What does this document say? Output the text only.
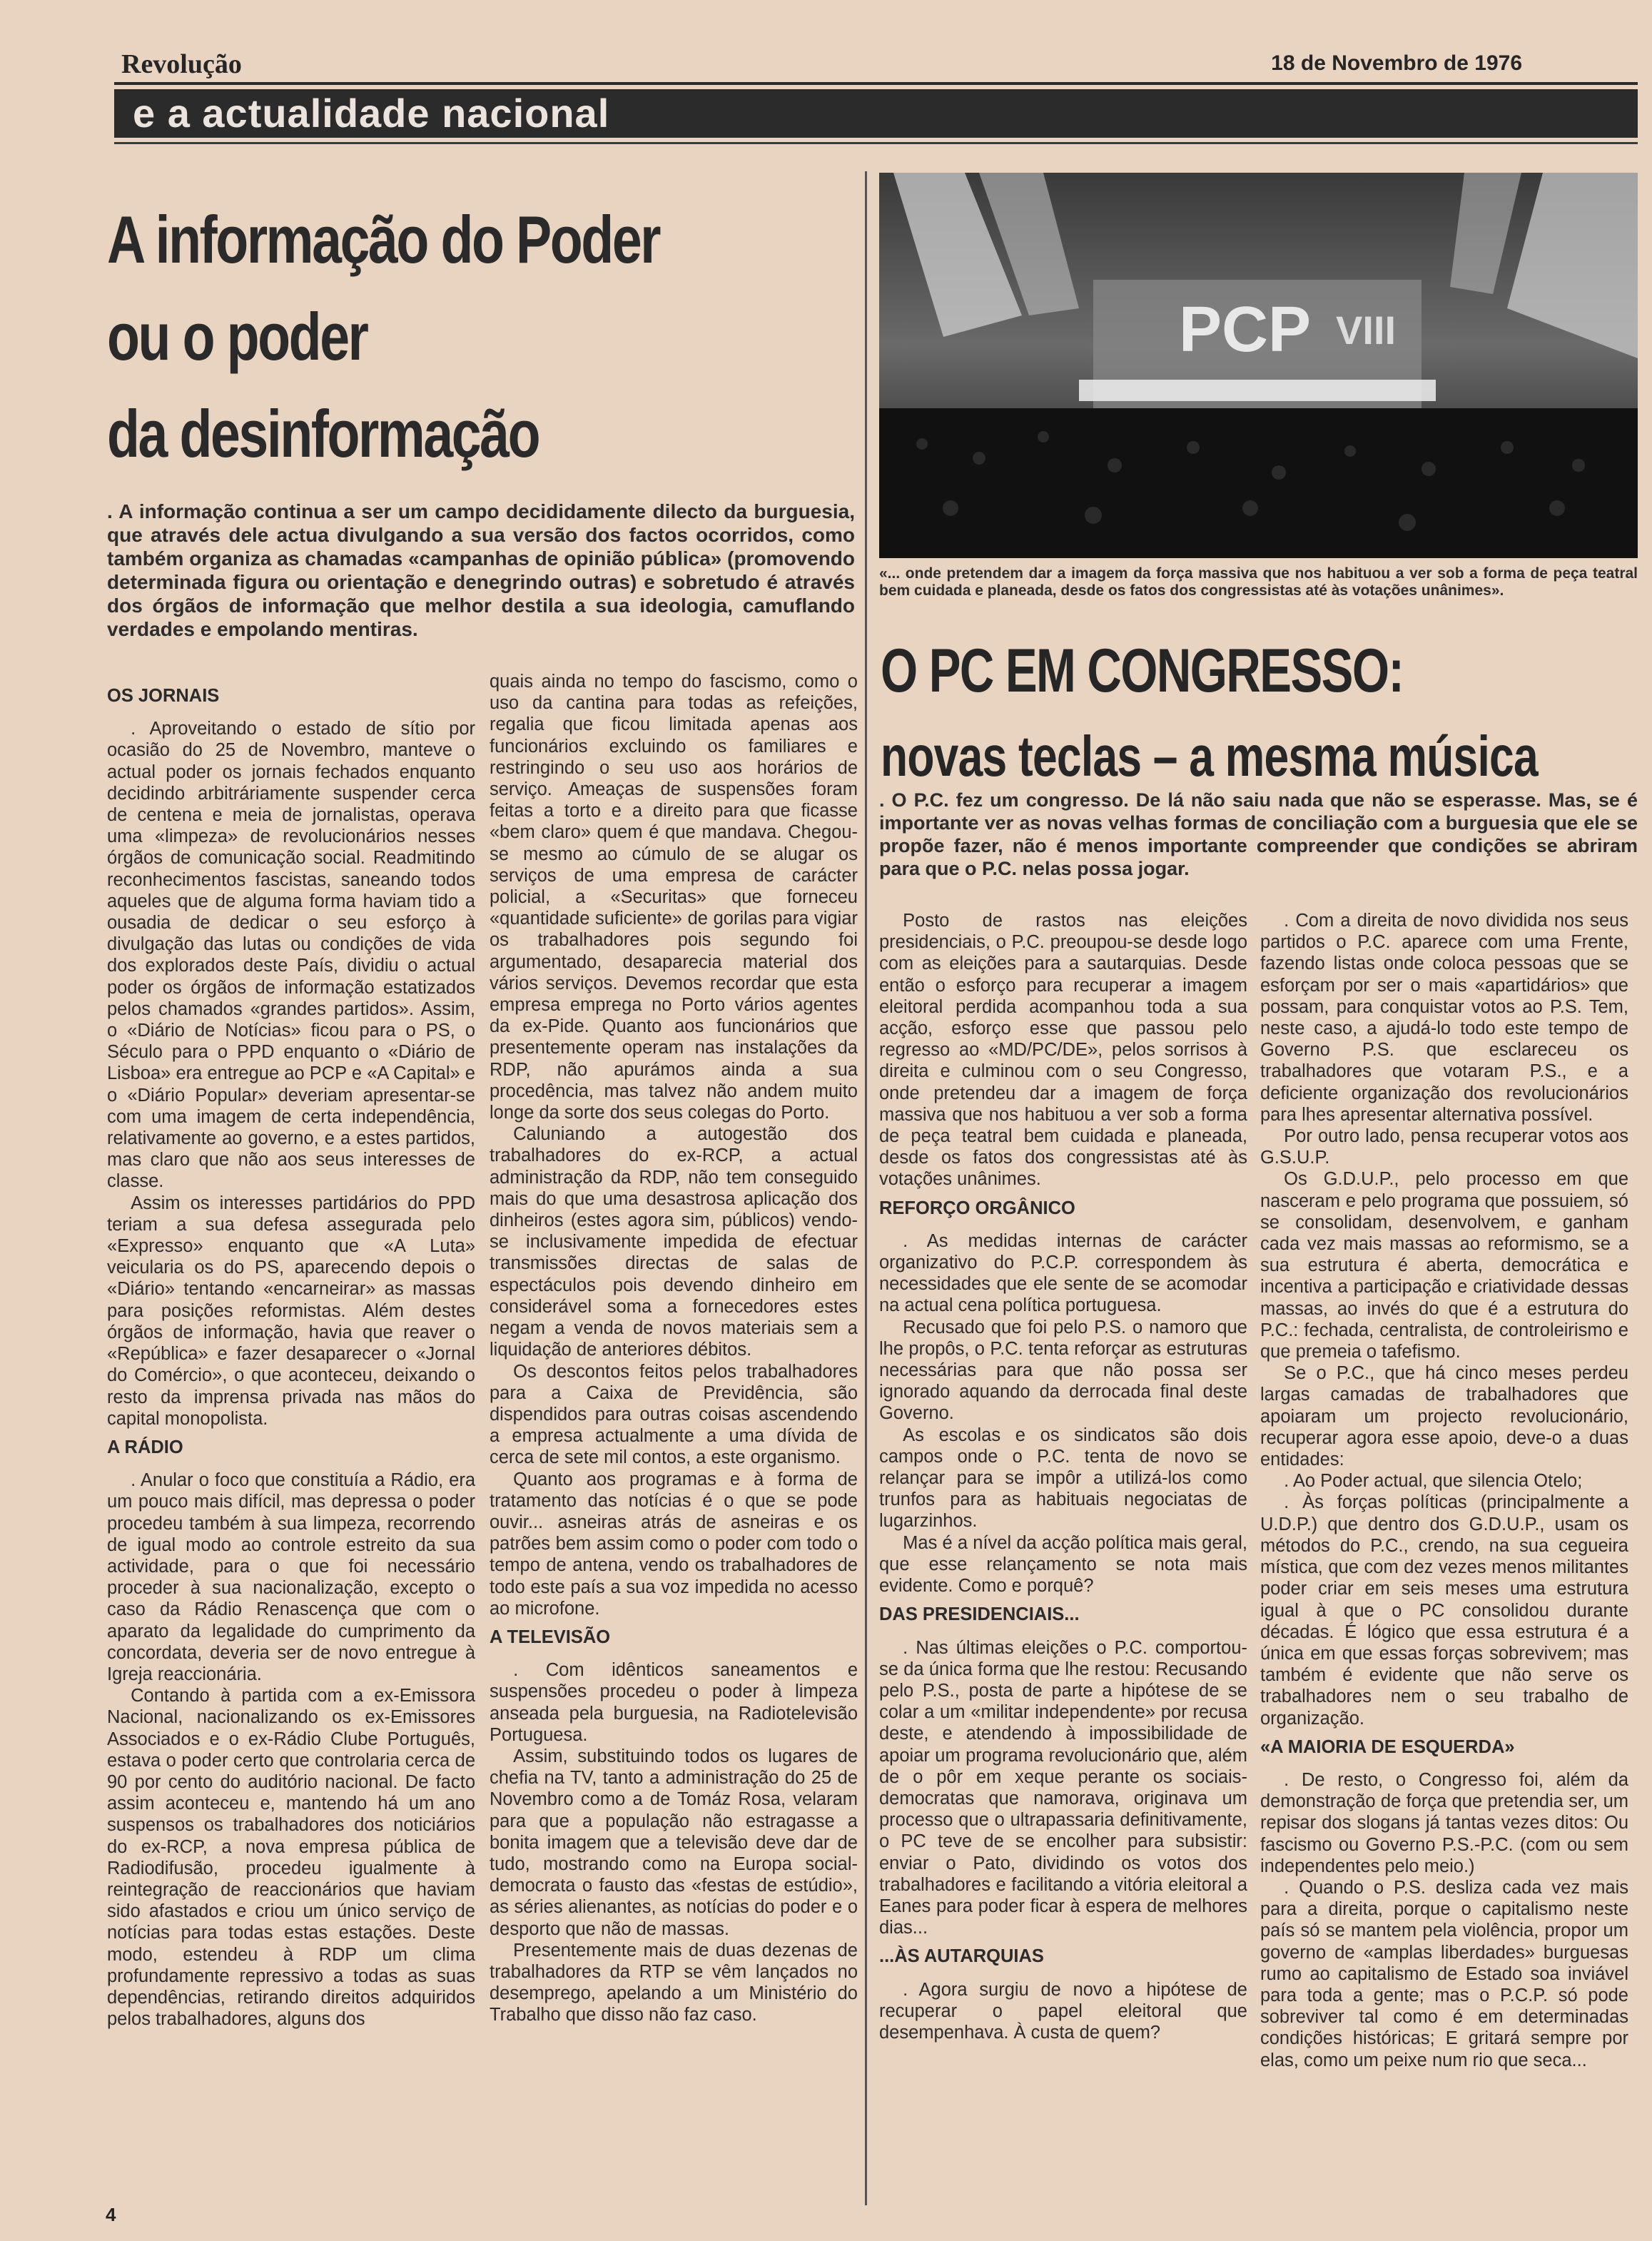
Revolução	18 de Novembro de 1976
e a actualidade nacional
A informação do Poder
ou o poder
da desinformação
. A informação continua a ser um campo decididamente dilecto da burguesia, que através dele actua divulgando a sua versão dos factos ocorridos, como também organiza as chamadas «campanhas de opinião pública» (promovendo determinada figura ou orientação e denegrindo outras) e sobretudo é através dos órgãos de informação que melhor destila a sua ideologia, camuflando verdades e empolando mentiras.

OS JORNAIS

. Aproveitando o estado de sítio por ocasião do 25 de Novembro, manteve o actual poder os jornais fechados enquanto decidindo arbitráriamente suspender cerca de centena e meia de jornalistas, operava uma «limpeza» de revolucionários nesses órgãos de comunicação social. Readmitindo reconhecimentos fascistas, saneando todos aqueles que de alguma forma haviam tido a ousadia de dedicar o seu esforço à divulgação das lutas ou condições de vida dos explorados deste País, dividiu o actual poder os órgãos de informação estatizados pelos chamados «grandes partidos». Assim, o «Diário de Notícias» ficou para o PS, o Século para o PPD enquanto o «Diário de Lisboa» era entregue ao PCP e «A Capital» e o «Diário Popular» deveriam apresentar-se com uma imagem de certa independência, relativamente ao governo, e a estes partidos, mas claro que não aos seus interesses de classe.

Assim os interesses partidários do PPD teriam a sua defesa assegurada pelo «Expresso» enquanto que «A Luta» veicularia os do PS, aparecendo depois o «Diário» tentando «encarneirar» as massas para posições reformistas. Além destes órgãos de informação, havia que reaver o «República» e fazer desaparecer o «Jornal do Comércio», o que aconteceu, deixando o resto da imprensa privada nas mãos do capital monopolista.

A RÁDIO

. Anular o foco que constituía a Rádio, era um pouco mais difícil, mas depressa o poder procedeu também à sua limpeza, recorrendo de igual modo ao controle estreito da sua actividade, para o que foi necessário proceder à sua nacionalização, excepto o caso da Rádio Renascença que com o aparato da legalidade do cumprimento da concordata, deveria ser de novo entregue à Igreja reaccionária.

Contando à partida com a ex-Emissora Nacional, nacionalizando os ex-Emissores Associados e o ex-Rádio Clube Português, estava o poder certo que controlaria cerca de 90 por cento do auditório nacional. De facto assim aconteceu e, mantendo há um ano suspensos os trabalhadores dos noticiários do ex-RCP, a nova empresa pública de Radiodifusão, procedeu igualmente à reintegração de reaccionários que haviam sido afastados e criou um único serviço de notícias para todas estas estações. Deste modo, estendeu à RDP um clima profundamente repressivo a todas as suas dependências, retirando direitos adquiridos pelos trabalhadores, alguns dos

quais ainda no tempo do fascismo, como o uso da cantina para todas as refeições, regalia que ficou limitada apenas aos funcionários excluindo os familiares e restringindo o seu uso aos horários de serviço. Ameaças de suspensões foram feitas a torto e a direito para que ficasse «bem claro» quem é que mandava. Chegou-se mesmo ao cúmulo de se alugar os serviços de uma empresa de carácter policial, a «Securitas» que forneceu «quantidade suficiente» de gorilas para vigiar os trabalhadores pois segundo foi argumentado, desaparecia material dos vários serviços. Devemos recordar que esta empresa emprega no Porto vários agentes da ex-Pide. Quanto aos funcionários que presentemente operam nas instalações da RDP, não apurámos ainda a sua procedência, mas talvez não andem muito longe da sorte dos seus colegas do Porto.

Caluniando a autogestão dos trabalhadores do ex-RCP, a actual administração da RDP, não tem conseguido mais do que uma desastrosa aplicação dos dinheiros (estes agora sim, públicos) vendo-se inclusivamente impedida de efectuar transmissões directas de salas de espectáculos pois devendo dinheiro em considerável soma a fornecedores estes negam a venda de novos materiais sem a liquidação de anteriores débitos.

Os descontos feitos pelos trabalhadores para a Caixa de Previdência, são dispendidos para outras coisas ascendendo a empresa actualmente a uma dívida de cerca de sete mil contos, a este organismo.

Quanto aos programas e à forma de tratamento das notícias é o que se pode ouvir... asneiras atrás de asneiras e os patrões bem assim como o poder com todo o tempo de antena, vendo os trabalhadores de todo este país a sua voz impedida no acesso ao microfone.

A TELEVISÃO

. Com idênticos saneamentos e suspensões procedeu o poder à limpeza anseada pela burguesia, na Radiotelevisão Portuguesa.

Assim, substituindo todos os lugares de chefia na TV, tanto a administração do 25 de Novembro como a de Tomáz Rosa, velaram para que a população não estragasse a bonita imagem que a televisão deve dar de tudo, mostrando como na Europa social-democrata o fausto das «festas de estúdio», as séries alienantes, as notícias do poder e o desporto que não de massas.

Presentemente mais de duas dezenas de trabalhadores da RTP se vêm lançados no desemprego, apelando a um Ministério do Trabalho que disso não faz caso.

PCP VIII
«... onde pretendem dar a imagem da força massiva que nos habituou a ver sob a forma de peça teatral bem cuidada e planeada, desde os fatos dos congressistas até às votações unânimes».
O PC EM CONGRESSO:
novas teclas – a mesma música
. O P.C. fez um congresso. De lá não saiu nada que não se esperasse. Mas, se é importante ver as novas velhas formas de conciliação com a burguesia que ele se propõe fazer, não é menos importante compreender que condições se abriram para que o P.C. nelas possa jogar.

Posto de rastos nas eleições presidenciais, o P.C. preoupou-se desde logo com as eleições para a sautarquias. Desde então o esforço para recuperar a imagem eleitoral perdida acompanhou toda a sua acção, esforço esse que passou pelo regresso ao «MD/PC/DE», pelos sorrisos à direita e culminou com o seu Congresso, onde pretendeu dar a imagem de força massiva que nos habituou a ver sob a forma de peça teatral bem cuidada e planeada, desde os fatos dos congressistas até às votações unânimes.

REFORÇO ORGÂNICO

. As medidas internas de carácter organizativo do P.C.P. correspondem às necessidades que ele sente de se acomodar na actual cena política portuguesa.

Recusado que foi pelo P.S. o namoro que lhe propôs, o P.C. tenta reforçar as estruturas necessárias para que não possa ser ignorado aquando da derrocada final deste Governo.

As escolas e os sindicatos são dois campos onde o P.C. tenta de novo se relançar para se impôr a utilizá-los como trunfos para as habituais negociatas de lugarzinhos.

Mas é a nível da acção política mais geral, que esse relançamento se nota mais evidente. Como e porquê?

DAS PRESIDENCIAIS...

. Nas últimas eleições o P.C. comportou-se da única forma que lhe restou: Recusando pelo P.S., posta de parte a hipótese de se colar a um «militar independente» por recusa deste, e atendendo à impossibilidade de apoiar um programa revolucionário que, além de o pôr em xeque perante os sociais-democratas que namorava, originava um processo que o ultrapassaria definitivamente, o PC teve de se encolher para subsistir: enviar o Pato, dividindo os votos dos trabalhadores e facilitando a vitória eleitoral a Eanes para poder ficar à espera de melhores dias...

...ÀS AUTARQUIAS

. Agora surgiu de novo a hipótese de recuperar o papel eleitoral que desempenhava. À custa de quem?

. Com a direita de novo dividida nos seus partidos o P.C. aparece com uma Frente, fazendo listas onde coloca pessoas que se esforçam por ser o mais «apartidários» que possam, para conquistar votos ao P.S. Tem, neste caso, a ajudá-lo todo este tempo de Governo P.S. que esclareceu os trabalhadores que votaram P.S., e a deficiente organização dos revolucionários para lhes apresentar alternativa possível.

Por outro lado, pensa recuperar votos aos G.S.U.P.

Os G.D.U.P., pelo processo em que nasceram e pelo programa que possuiem, só se consolidam, desenvolvem, e ganham cada vez mais massas ao reformismo, se a sua estrutura é aberta, democrática e incentiva a participação e criatividade dessas massas, ao invés do que é a estrutura do P.C.: fechada, centralista, de controleirismo e que premeia o tafefismo.

Se o P.C., que há cinco meses perdeu largas camadas de trabalhadores que apoiaram um projecto revolucionário, recuperar agora esse apoio, deve-o a duas entidades:

. Ao Poder actual, que silencia Otelo;

. Às forças políticas (principalmente a U.D.P.) que dentro dos G.D.U.P., usam os métodos do P.C., crendo, na sua cegueira mística, que com dez vezes menos militantes poder criar em seis meses uma estrutura igual à que o PC consolidou durante décadas. É lógico que essa estrutura é a única em que essas forças sobrevivem; mas também é evidente que não serve os trabalhadores nem o seu trabalho de organização.

«A MAIORIA DE ESQUERDA»

. De resto, o Congresso foi, além da demonstração de força que pretendia ser, um repisar dos slogans já tantas vezes ditos: Ou fascismo ou Governo P.S.-P.C. (com ou sem independentes pelo meio.)

. Quando o P.S. desliza cada vez mais para a direita, porque o capitalismo neste país só se mantem pela violência, propor um governo de «amplas liberdades» burguesas rumo ao capitalismo de Estado soa inviável para toda a gente; mas o P.C.P. só pode sobreviver tal como é em determinadas condições históricas; E gritará sempre por elas, como um peixe num rio que seca...

4
